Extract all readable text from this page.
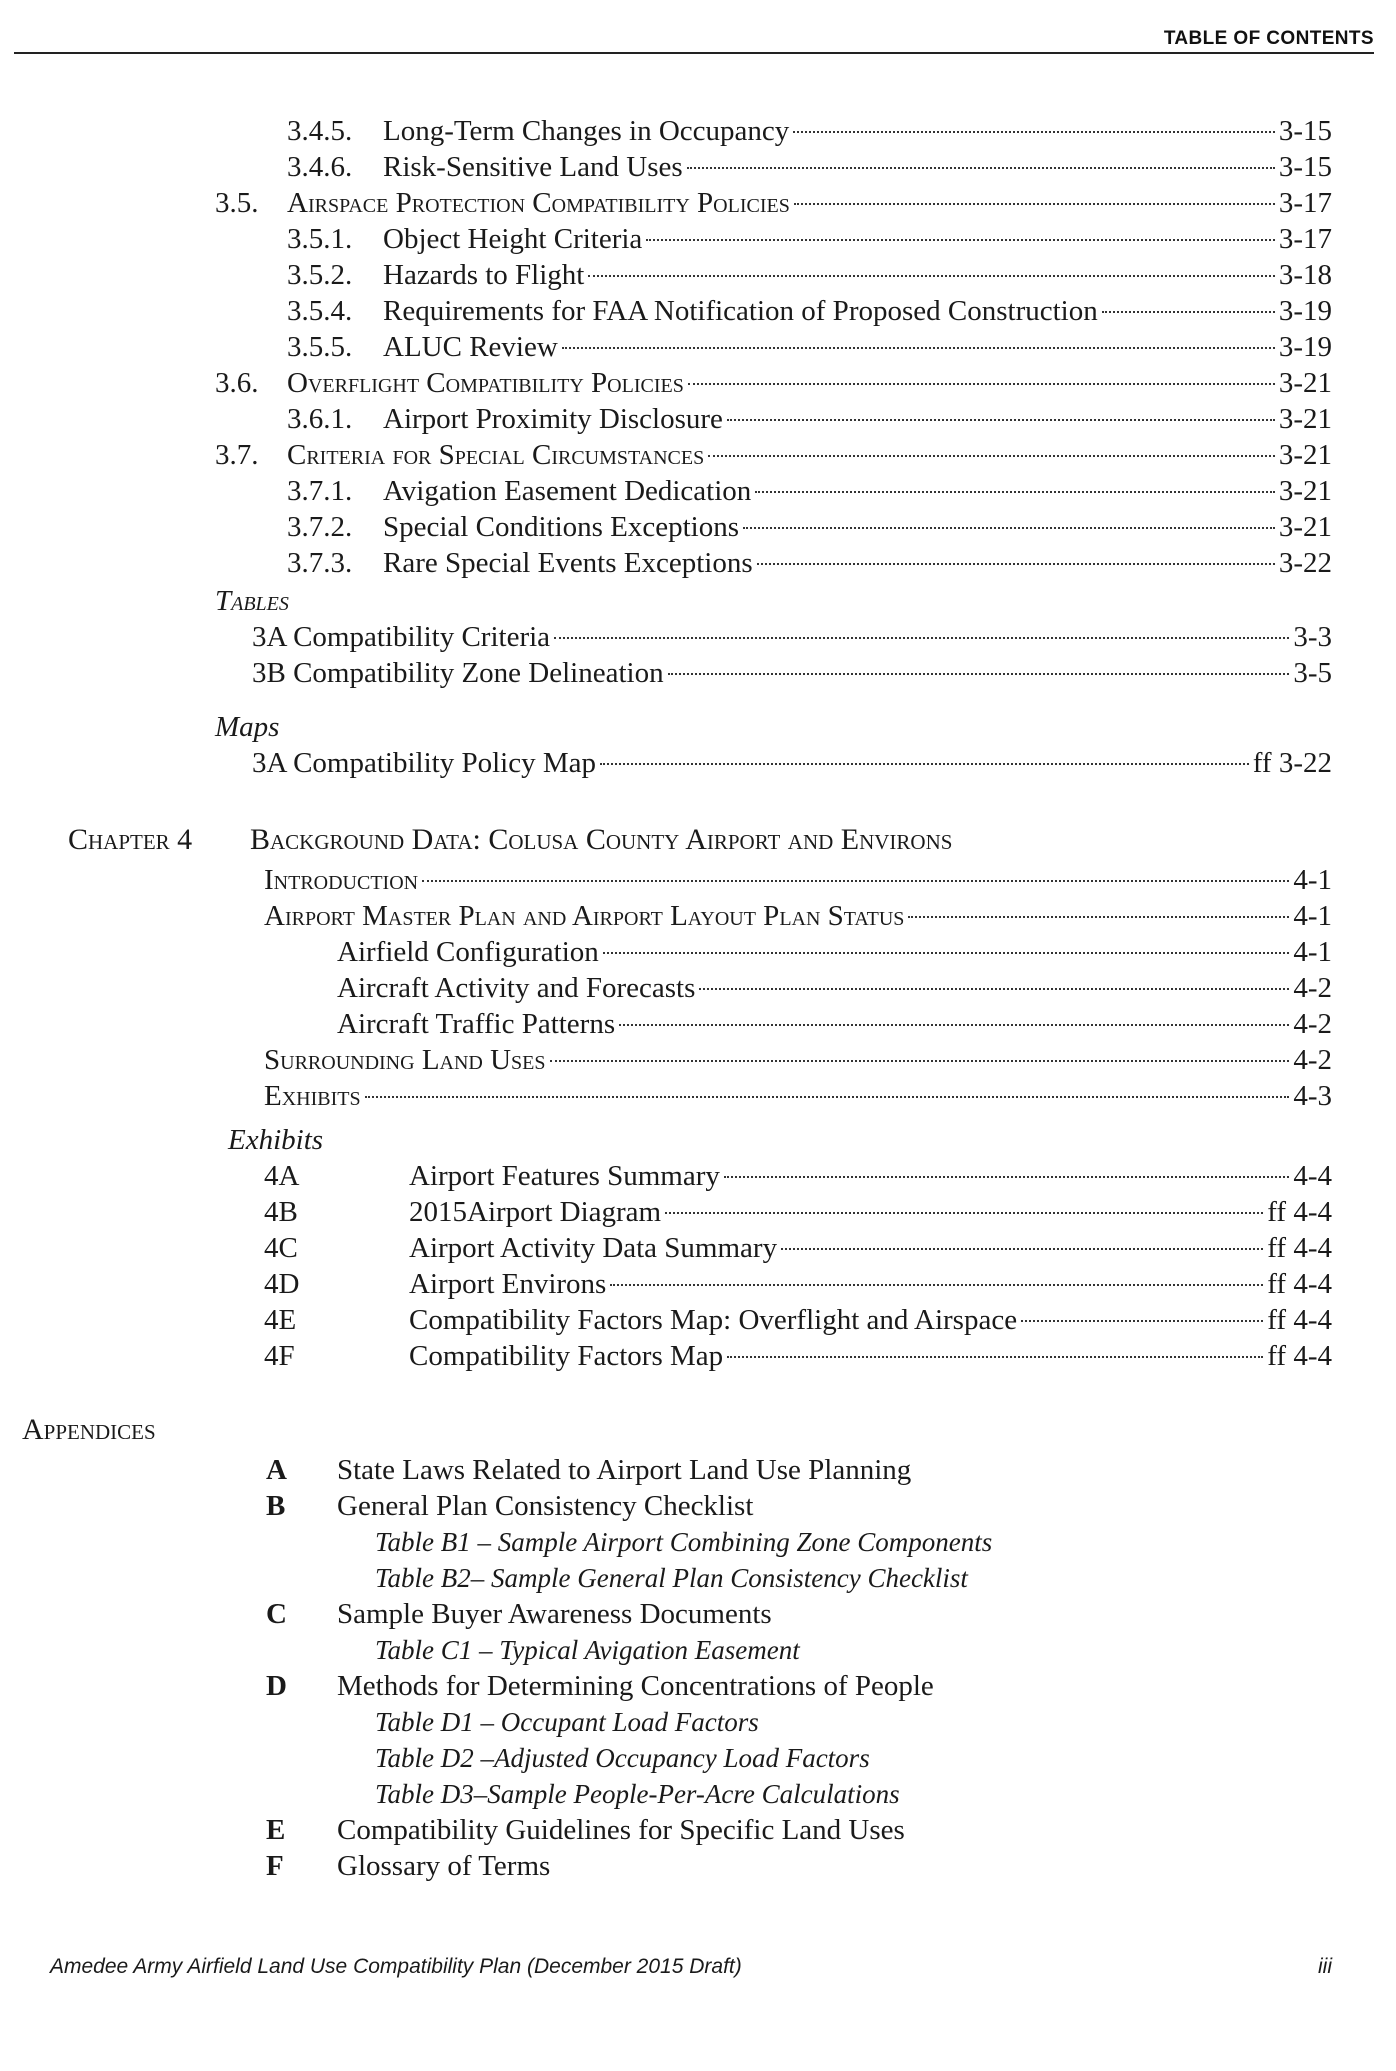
TABLE OF CONTENTS
3.4.5.	Long-Term Changes in Occupancy	3-15
3.4.6.	Risk-Sensitive Land Uses	3-15
3.5. Airspace Protection Compatibility Policies	3-17
3.5.1.	Object Height Criteria	3-17
3.5.2.	Hazards to Flight	3-18
3.5.4.	Requirements for FAA Notification of Proposed Construction	3-19
3.5.5.	ALUC Review	3-19
3.6. Overflight Compatibility Policies	3-21
3.6.1.	Airport Proximity Disclosure	3-21
3.7. Criteria for Special Circumstances	3-21
3.7.1.	Avigation Easement Dedication	3-21
3.7.2.	Special Conditions Exceptions	3-21
3.7.3.	Rare Special Events Exceptions	3-22
Tables
3A Compatibility Criteria	3-3
3B Compatibility Zone Delineation	3-5
Maps
3A Compatibility Policy Map	ff 3-22
Chapter 4 Background Data: Colusa County Airport and Environs
Introduction	4-1
Airport Master Plan and Airport Layout Plan Status	4-1
Airfield Configuration	4-1
Aircraft Activity and Forecasts	4-2
Aircraft Traffic Patterns	4-2
Surrounding Land Uses	4-2
Exhibits	4-3
Exhibits
4A	Airport Features Summary	4-4
4B	2015Airport Diagram	ff 4-4
4C	Airport Activity Data Summary	ff 4-4
4D	Airport Environs	ff 4-4
4E	Compatibility Factors Map: Overflight and Airspace	ff 4-4
4F	Compatibility Factors Map	ff 4-4
Appendices
A State Laws Related to Airport Land Use Planning
B General Plan Consistency Checklist
Table B1 – Sample Airport Combining Zone Components
Table B2– Sample General Plan Consistency Checklist
C Sample Buyer Awareness Documents
Table C1 – Typical Avigation Easement
D Methods for Determining Concentrations of People
Table D1 – Occupant Load Factors
Table D2 –Adjusted Occupancy Load Factors
Table D3–Sample People-Per-Acre Calculations
E Compatibility Guidelines for Specific Land Uses
F Glossary of Terms
Amedee Army Airfield Land Use Compatibility Plan (December 2015 Draft)	iii
